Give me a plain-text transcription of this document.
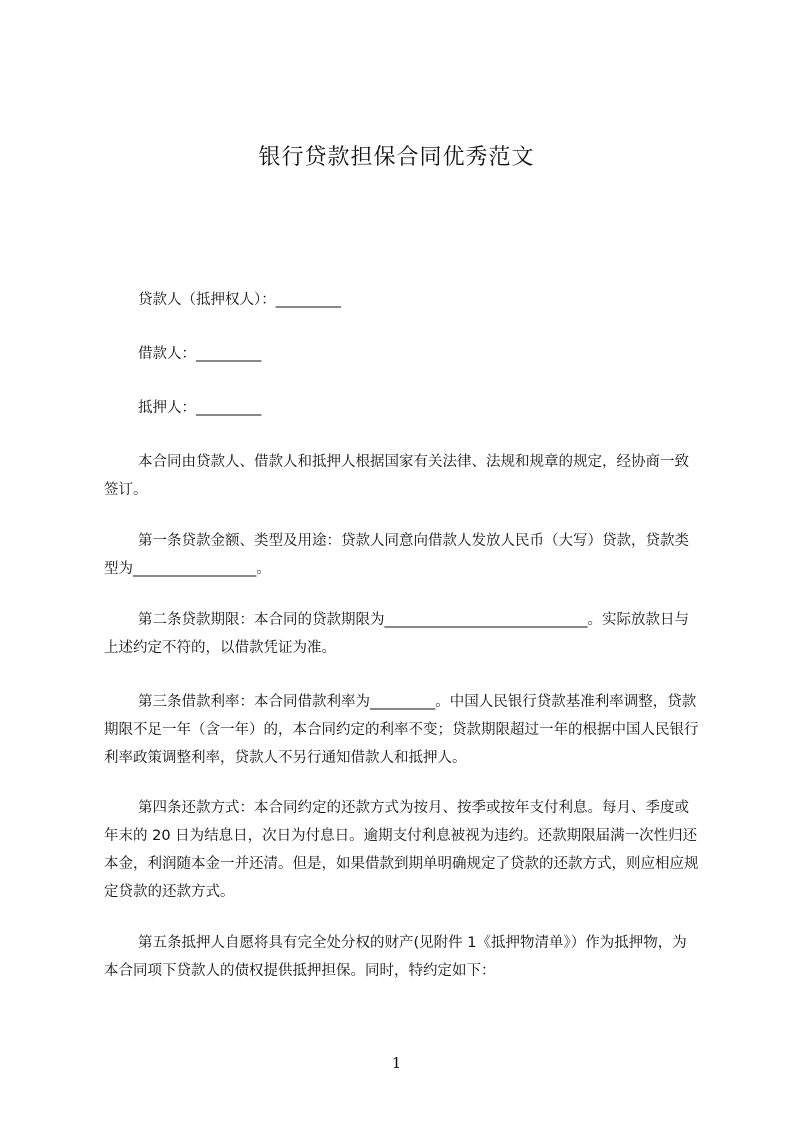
银行贷款担保合同优秀范文

贷款人（抵押权人）：_________

借款人：_________

抵押人：_________

本合同由贷款人、借款人和抵押人根据国家有关法律、法规和规章的规定，经协商一致签订。

第一条贷款金额、类型及用途：贷款人同意向借款人发放人民币（大写）贷款，贷款类型为_________________。

第二条贷款期限：本合同的贷款期限为____________________________。实际放款日与上述约定不符的，以借款凭证为准。

第三条借款利率：本合同借款利率为_________。中国人民银行贷款基准利率调整，贷款期限不足一年（含一年）的，本合同约定的利率不变；贷款期限超过一年的根据中国人民银行利率政策调整利率，贷款人不另行通知借款人和抵押人。

第四条还款方式：本合同约定的还款方式为按月、按季或按年支付利息。每月、季度或年末的 20 日为结息日，次日为付息日。逾期支付利息被视为违约。还款期限届满一次性归还本金，利润随本金一并还清。但是，如果借款到期单明确规定了贷款的还款方式，则应相应规定贷款的还款方式。

第五条抵押人自愿将具有完全处分权的财产(见附件 1《抵押物清单》）作为抵押物，为本合同项下贷款人的债权提供抵押担保。同时，特约定如下：

1
